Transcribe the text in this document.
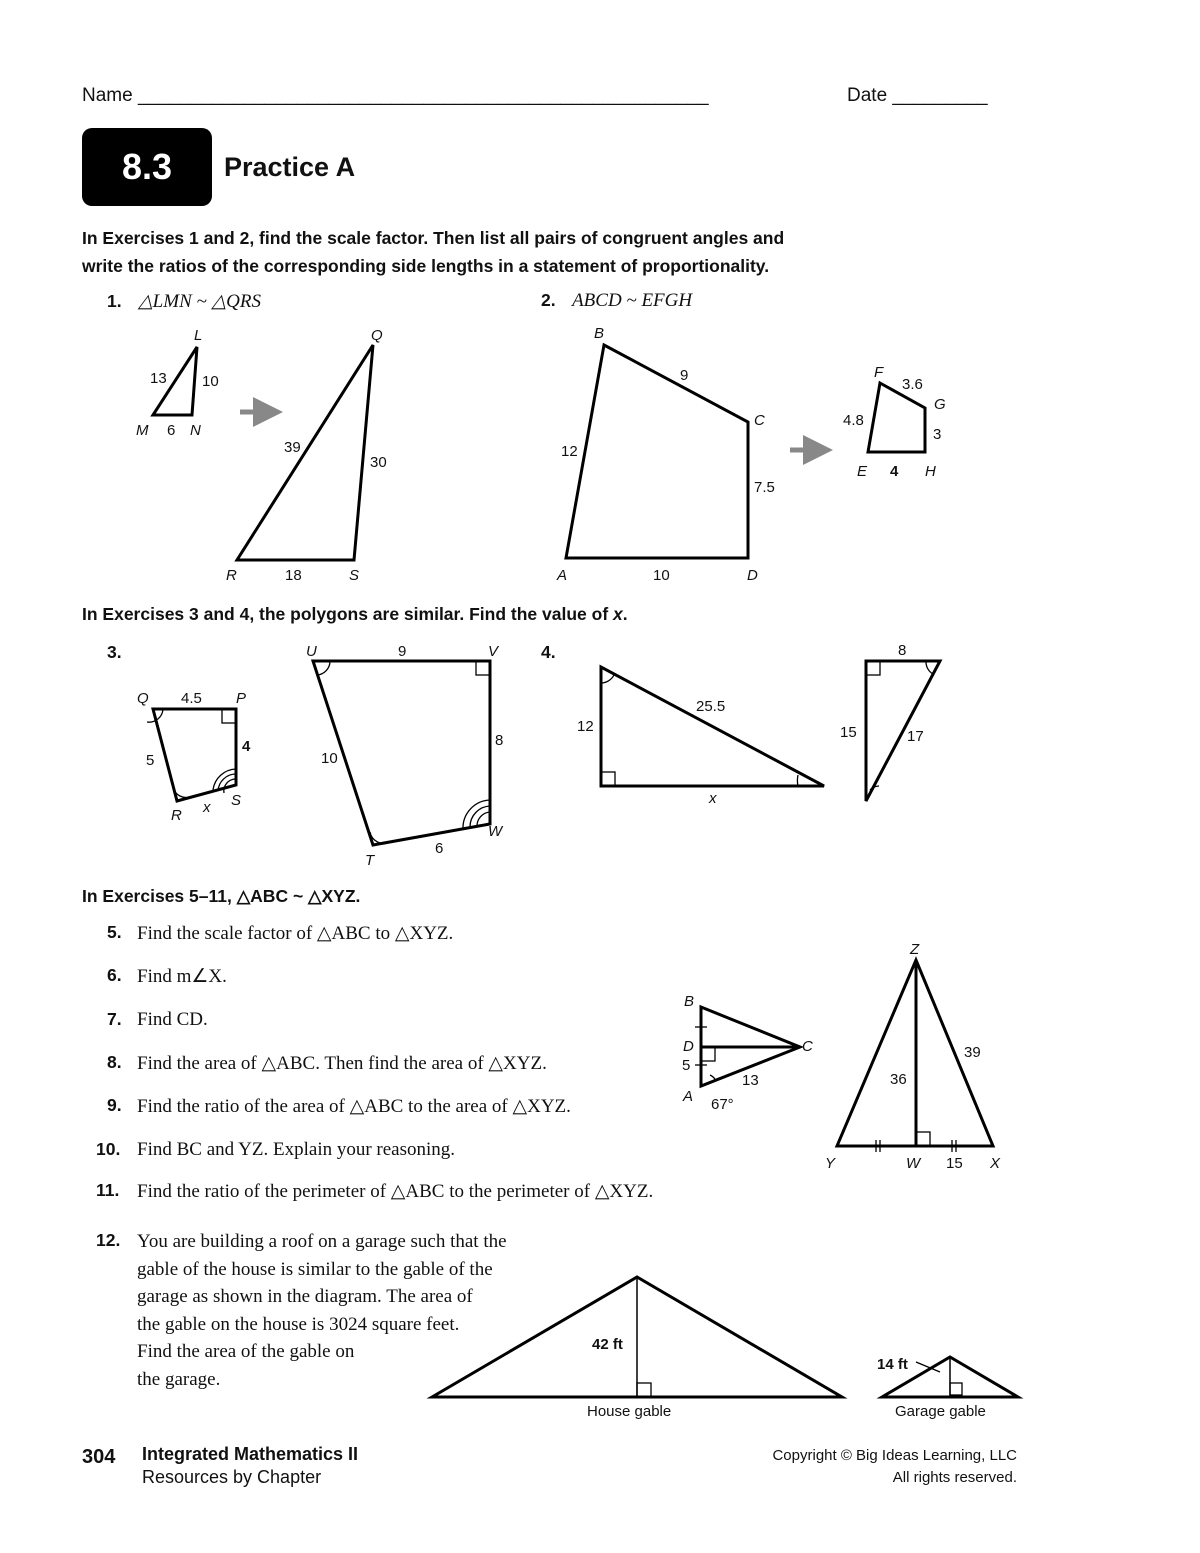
Name ______________________________________________________	Date _________
8.3 Practice A
In Exercises 1 and 2, find the scale factor. Then list all pairs of congruent angles and
write the ratios of the corresponding side lengths in a statement of proportionality.
1. △LMN ~ △QRS	2. ABCD ~ EFGH
L
M	N
13 10
6
Q
R	S
39
30
18
B
C
D
A
9
12
7.5
10
F
G
E	H
3.6
4.8
3
4
Q	P
R
S
4.5
5
4
x
U	V
T
W
9
10
8
6
12
25.5
x
8
15	17
B
D
5
A
C
13
67°
Z
36
39
Y	W 15 X
42 ft
House gable
14 ft
Garage gable
In Exercises 3 and 4, the polygons are similar. Find the value of x.
3.	4.
In Exercises 5–11, △ABC ~ △XYZ.
5. Find the scale factor of △ABC to △XYZ.
6. Find m∠X.
7. Find CD.
8. Find the area of △ABC. Then find the area of △XYZ.
9. Find the ratio of the area of △ABC to the area of △XYZ.
10. Find BC and YZ. Explain your reasoning.
11. Find the ratio of the perimeter of △ABC to the perimeter of △XYZ.
12. You are building a roof on a garage such that the
gable of the house is similar to the gable of the
garage as shown in the diagram. The area of
the gable on the house is 3024 square feet.
Find the area of the gable on
the garage.
304 Integrated Mathematics II
Resources by Chapter
Copyright © Big Ideas Learning, LLC
All rights reserved.
